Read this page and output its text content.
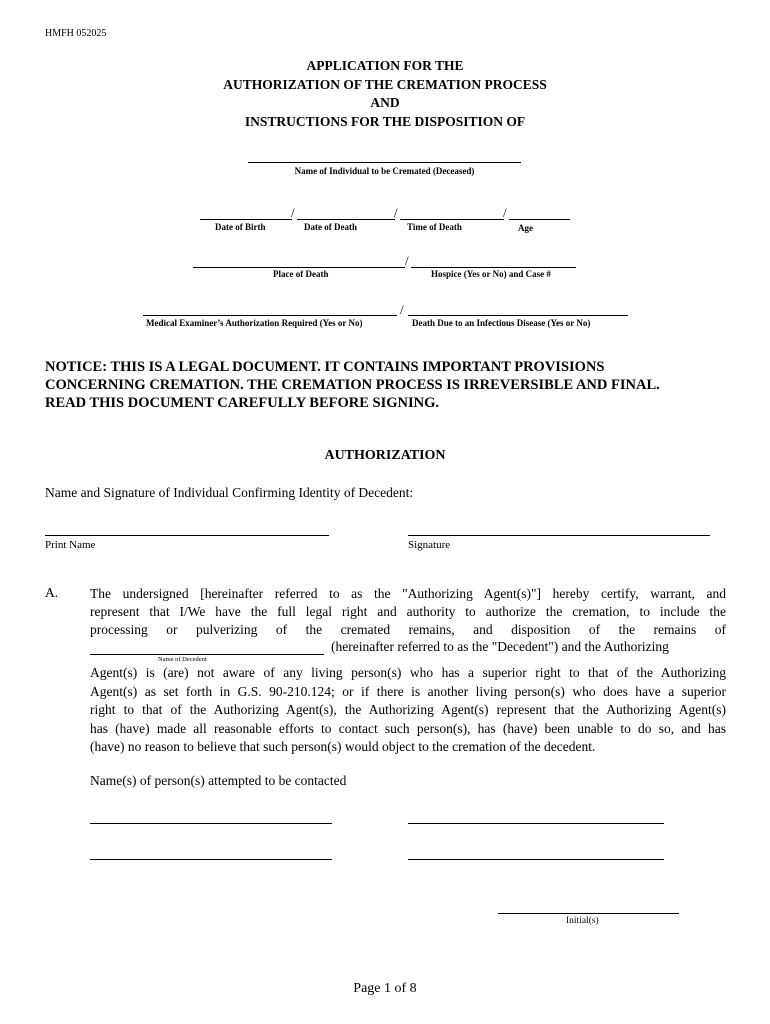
HMFH 052025
APPLICATION FOR THE
AUTHORIZATION OF THE CREMATION PROCESS
AND
INSTRUCTIONS FOR THE DISPOSITION OF
Name of Individual to be Cremated (Deceased)
/	/	/
Date of Birth	Date of Death	Time of Death	Age
/
Place of Death	Hospice (Yes or No) and Case #
/
Medical Examiner’s Authorization Required (Yes or No)	Death Due to an Infectious Disease (Yes or No)
NOTICE: THIS IS A LEGAL DOCUMENT. IT CONTAINS IMPORTANT PROVISIONS
CONCERNING CREMATION. THE CREMATION PROCESS IS IRREVERSIBLE AND FINAL.
READ THIS DOCUMENT CAREFULLY BEFORE SIGNING.
AUTHORIZATION
Name and Signature of Individual Confirming Identity of Decedent:
Print Name	Signature
A. The undersigned [hereinafter referred to as the "Authorizing Agent(s)"] hereby certify, warrant, and
represent that I/We have the full legal right and authority to authorize the cremation, to include the
processing or pulverizing of the cremated remains, and disposition of the remains of
(hereinafter referred to as the "Decedent") and the Authorizing
Name of Decedent
Agent(s) is (are) not aware of any living person(s) who has a superior right to that of the Authorizing
Agent(s) as set forth in G.S. 90-210.124; or if there is another living person(s) who does have a superior
right to that of the Authorizing Agent(s), the Authorizing Agent(s) represent that the Authorizing Agent(s)
has (have) made all reasonable efforts to contact such person(s), has (have) been unable to do so, and has
(have) no reason to believe that such person(s) would object to the cremation of the decedent.
Name(s) of person(s) attempted to be contacted
Initial(s)
Page 1 of 8
